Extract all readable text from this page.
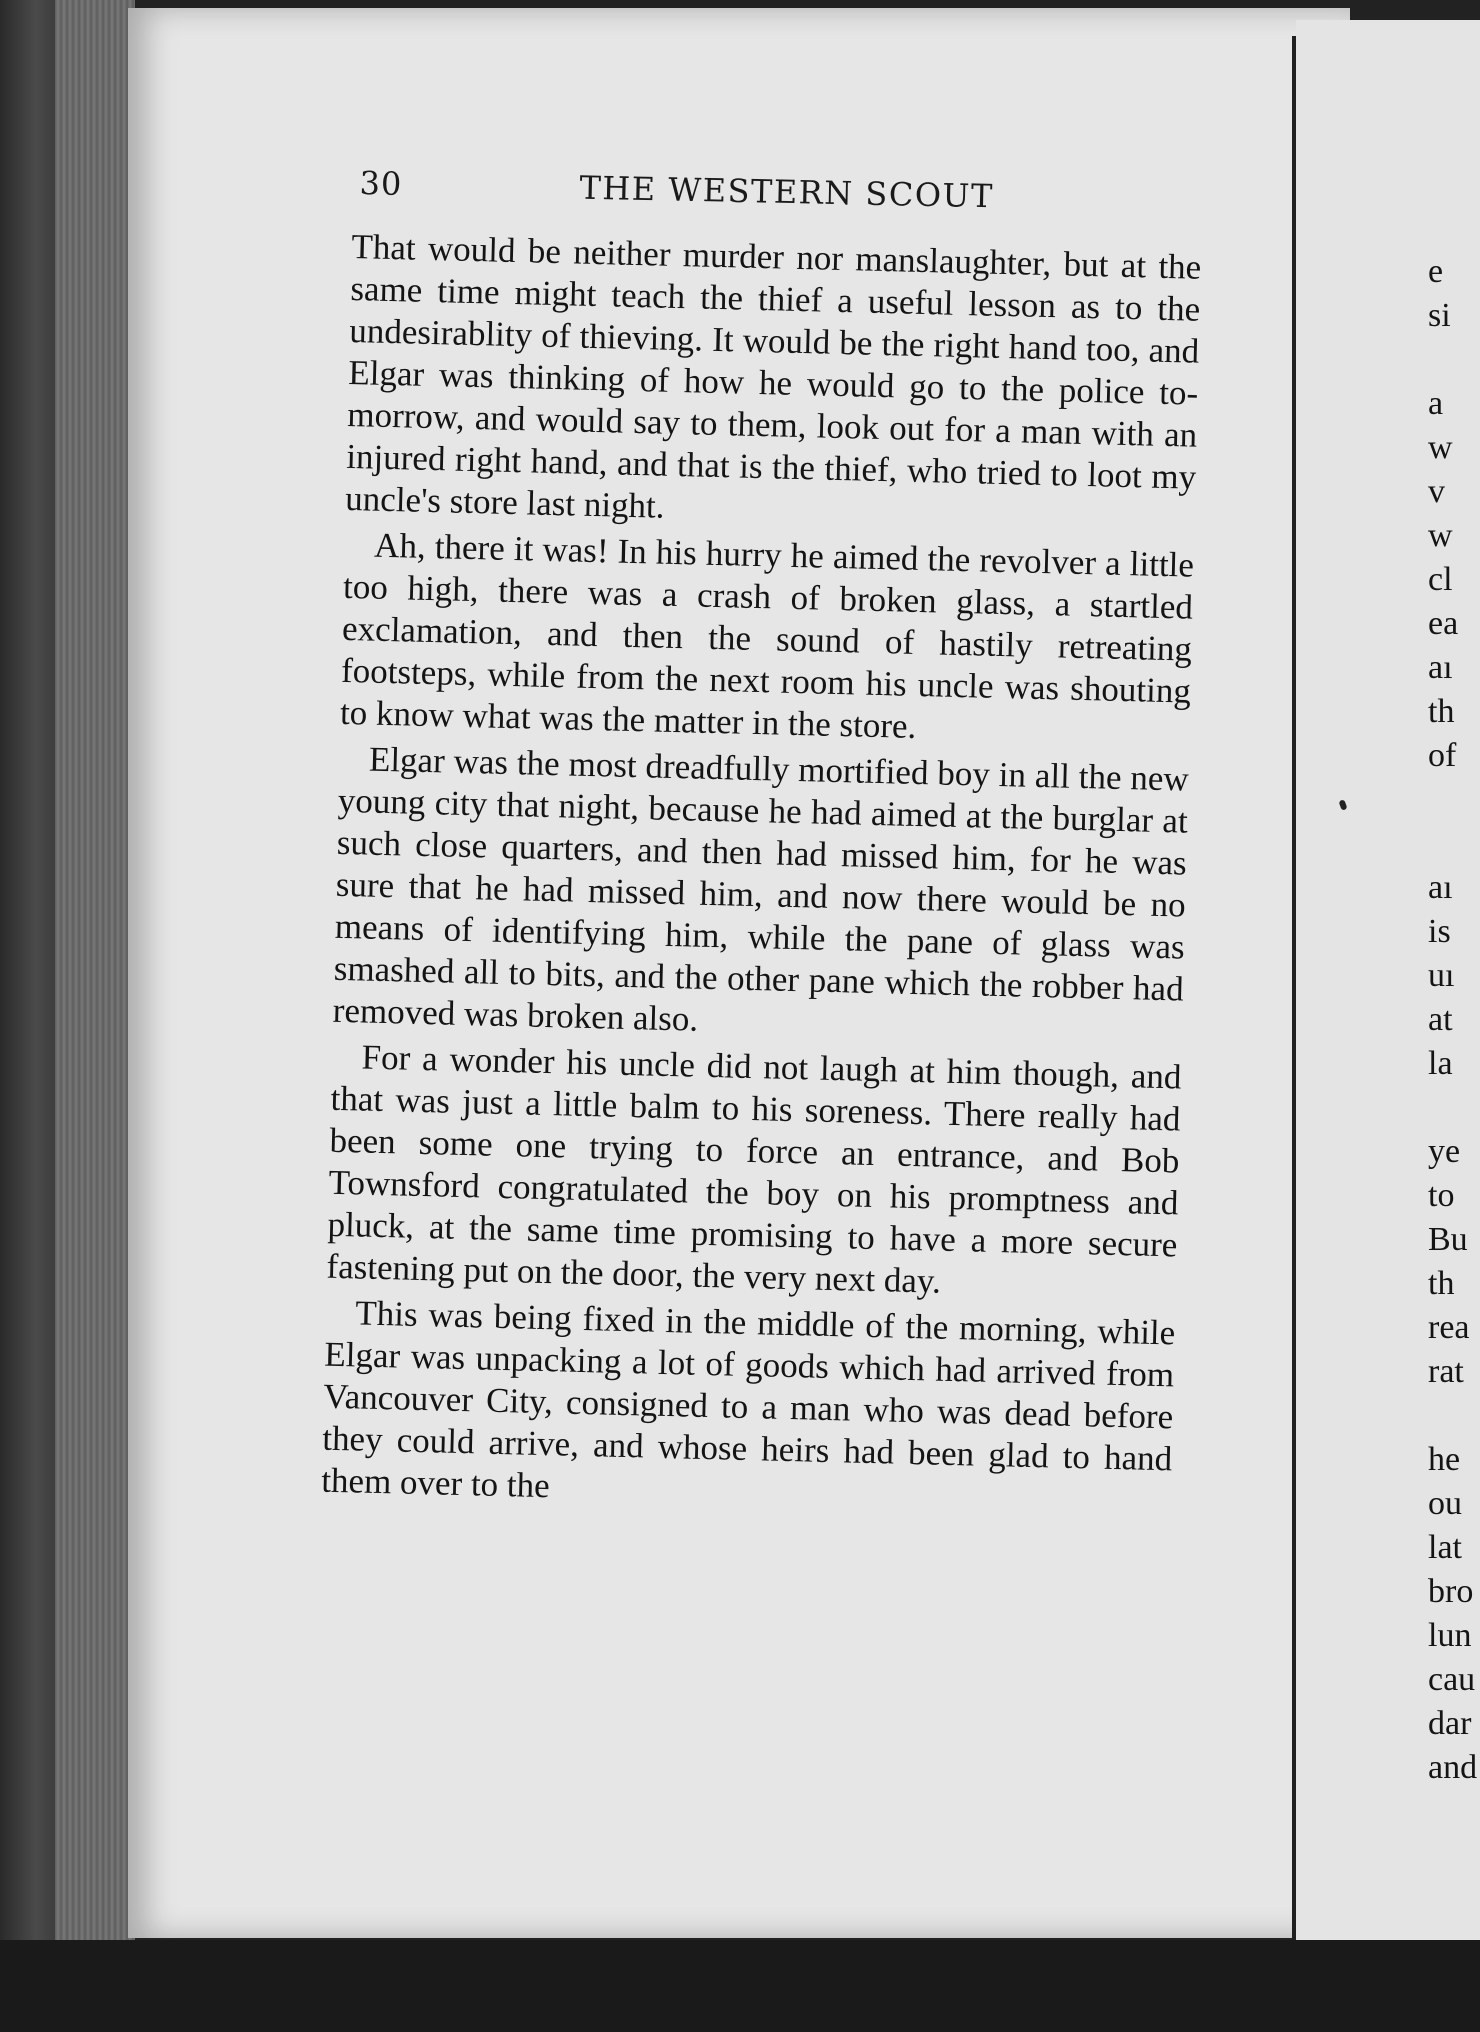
30	THE WESTERN SCOUT

That would be neither murder nor manslaughter, but at the same time might teach the thief a useful lesson as to the undesirablity of thieving. It would be the right hand too, and Elgar was thinking of how he would go to the police to-morrow, and would say to them, look out for a man with an injured right hand, and that is the thief, who tried to loot my uncle's store last night.

Ah, there it was! In his hurry he aimed the revolver a little too high, there was a crash of broken glass, a startled exclamation, and then the sound of hastily retreating footsteps, while from the next room his uncle was shouting to know what was the matter in the store.

Elgar was the most dreadfully mortified boy in all the new young city that night, because he had aimed at the burglar at such close quarters, and then had missed him, for he was sure that he had missed him, and now there would be no means of identifying him, while the pane of glass was smashed all to bits, and the other pane which the robber had removed was broken also.

For a wonder his uncle did not laugh at him though, and that was just a little balm to his soreness. There really had been some one trying to force an entrance, and Bob Townsford congratulated the boy on his promptness and pluck, at the same time promising to have a more secure fastening put on the door, the very next day.

This was being fixed in the middle of the morning, while Elgar was unpacking a lot of goods which had arrived from Vancouver City, consigned to a man who was dead before they could arrive, and whose heirs had been glad to hand them over to the

e
si
a
w
v
w
cl
ea
aı
th
of
aı
is
uı
at
la
ye
to
Bu
th
rea
rat
he
ou
lat
bro
lun
cau
dar
and
